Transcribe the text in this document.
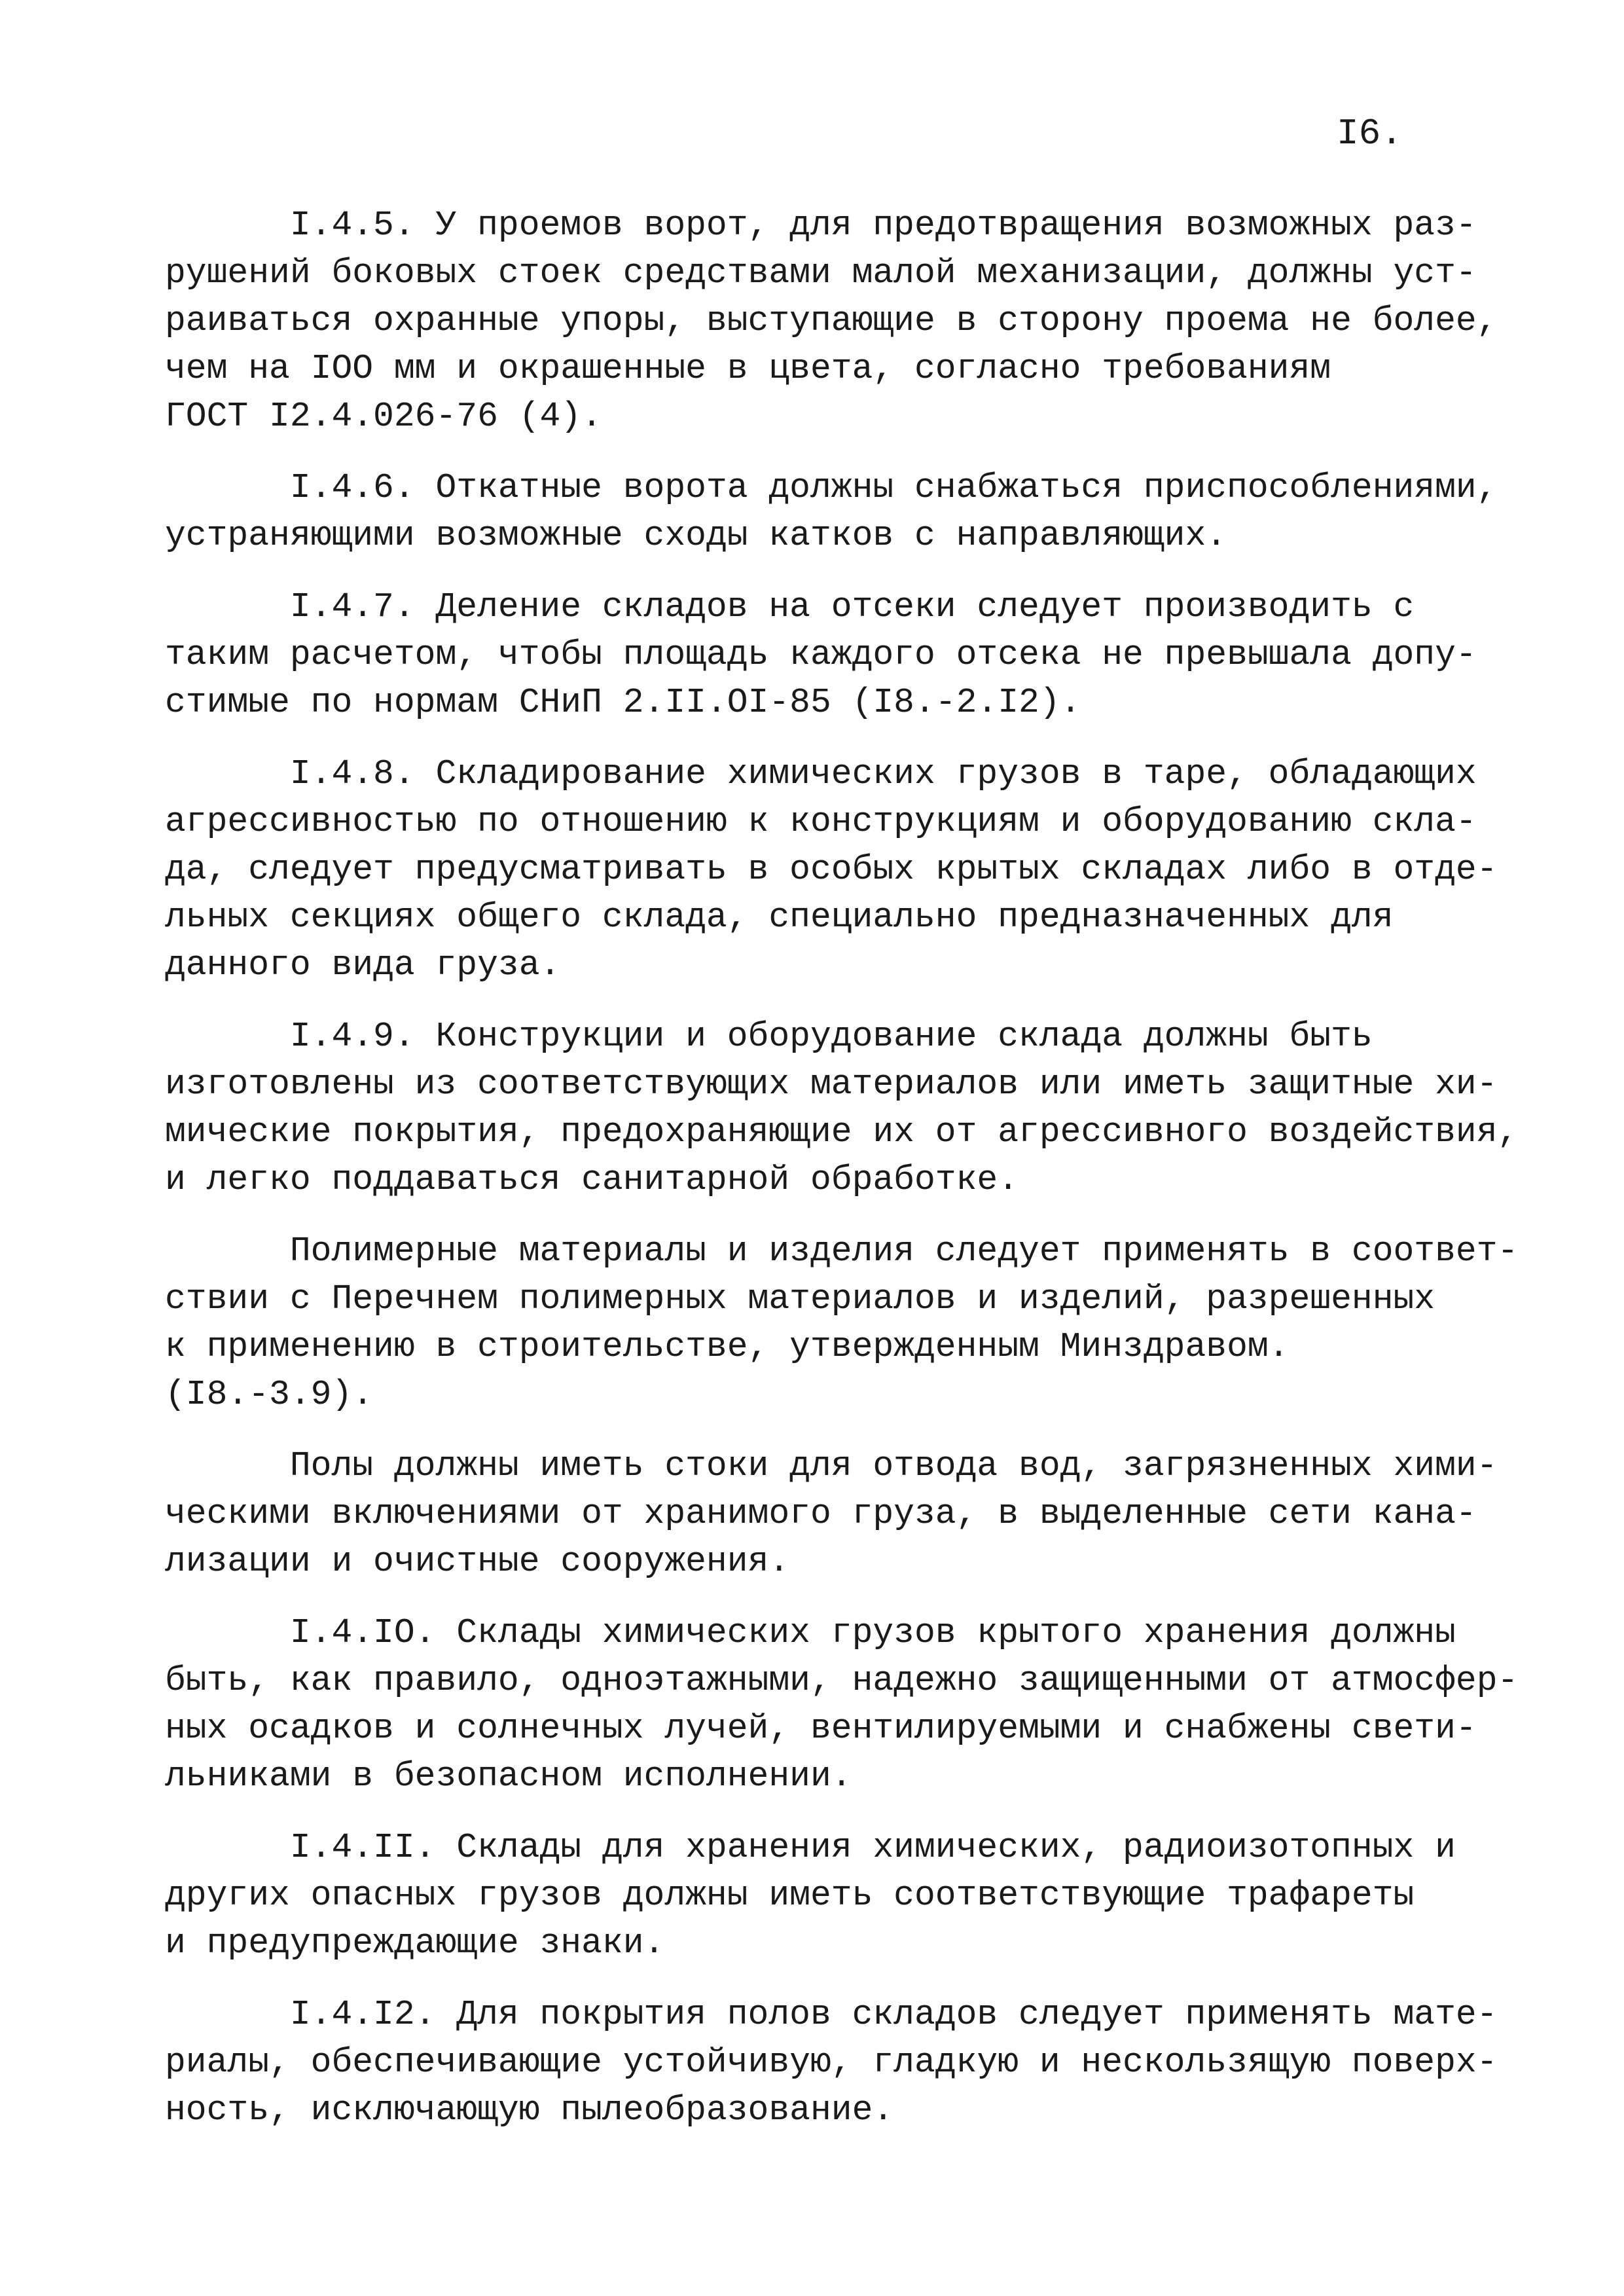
I6.
I.4.5. У проемов ворот, для предотвращения возможных раз-
рушений боковых стоек средствами малой механизации, должны уст-
раиваться охранные упоры, выступающие в сторону проема не более,
чем на IOO мм и окрашенные в цвета, согласно требованиям
ГОСТ I2.4.026-76 (4).
I.4.6. Откатные ворота должны снабжаться приспособлениями,
устраняющими возможные сходы катков с направляющих.
I.4.7. Деление складов на отсеки следует производить с
таким расчетом, чтобы площадь каждого отсека не превышала допу-
стимые по нормам СНиП 2.II.OI-85 (I8.-2.I2).
I.4.8. Складирование химических грузов в таре, обладающих
агрессивностью по отношению к конструкциям и оборудованию скла-
да, следует предусматривать в особых крытых складах либо в отде-
льных секциях общего склада, специально предназначенных для
данного вида груза.
I.4.9. Конструкции и оборудование склада должны быть
изготовлены из соответствующих материалов или иметь защитные хи-
мические покрытия, предохраняющие их от агрессивного воздействия,
и легко поддаваться санитарной обработке.
Полимерные материалы и изделия следует применять в соответ-
ствии с Перечнем полимерных материалов и изделий, разрешенных
к применению в строительстве, утвержденным Минздравом.
(I8.-3.9).
Полы должны иметь стоки для отвода вод, загрязненных хими-
ческими включениями от хранимого груза, в выделенные сети кана-
лизации и очистные сооружения.
I.4.IO. Склады химических грузов крытого хранения должны
быть, как правило, одноэтажными, надежно защищенными от атмосфер-
ных осадков и солнечных лучей, вентилируемыми и снабжены свети-
льниками в безопасном исполнении.
I.4.II. Склады для хранения химических, радиоизотопных и
других опасных грузов должны иметь соответствующие трафареты
и предупреждающие знаки.
I.4.I2. Для покрытия полов складов следует применять мате-
риалы, обеспечивающие устойчивую, гладкую и нескользящую поверх-
ность, исключающую пылеобразование.
